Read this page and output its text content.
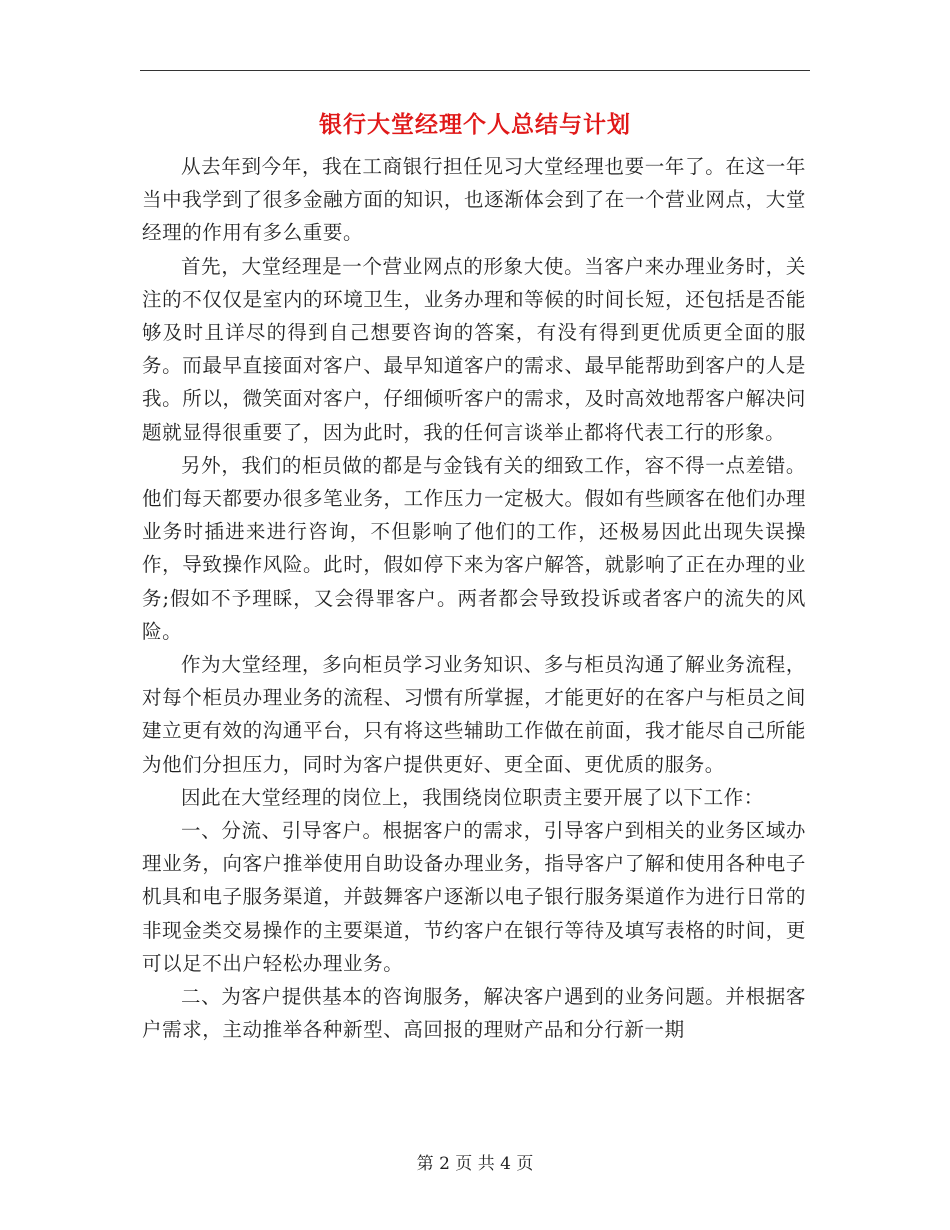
银行大堂经理个人总结与计划

从去年到今年，我在工商银行担任见习大堂经理也要一年了。在这一年当中我学到了很多金融方面的知识，也逐渐体会到了在一个营业网点，大堂经理的作用有多么重要。

首先，大堂经理是一个营业网点的形象大使。当客户来办理业务时，关注的不仅仅是室内的环境卫生，业务办理和等候的时间长短，还包括是否能够及时且详尽的得到自己想要咨询的答案，有没有得到更优质更全面的服务。而最早直接面对客户、最早知道客户的需求、最早能帮助到客户的人是我。所以，微笑面对客户，仔细倾听客户的需求，及时高效地帮客户解决问题就显得很重要了，因为此时，我的任何言谈举止都将代表工行的形象。

另外，我们的柜员做的都是与金钱有关的细致工作，容不得一点差错。他们每天都要办很多笔业务，工作压力一定极大。假如有些顾客在他们办理业务时插进来进行咨询，不但影响了他们的工作，还极易因此出现失误操作，导致操作风险。此时，假如停下来为客户解答，就影响了正在办理的业务;假如不予理睬，又会得罪客户。两者都会导致投诉或者客户的流失的风险。

作为大堂经理，多向柜员学习业务知识、多与柜员沟通了解业务流程，对每个柜员办理业务的流程、习惯有所掌握，才能更好的在客户与柜员之间建立更有效的沟通平台，只有将这些辅助工作做在前面，我才能尽自己所能为他们分担压力，同时为客户提供更好、更全面、更优质的服务。

因此在大堂经理的岗位上，我围绕岗位职责主要开展了以下工作：

一、分流、引导客户。根据客户的需求，引导客户到相关的业务区域办理业务，向客户推举使用自助设备办理业务，指导客户了解和使用各种电子机具和电子服务渠道，并鼓舞客户逐渐以电子银行服务渠道作为进行日常的非现金类交易操作的主要渠道，节约客户在银行等待及填写表格的时间，更可以足不出户轻松办理业务。

二、为客户提供基本的咨询服务，解决客户遇到的业务问题。并根据客户需求，主动推举各种新型、高回报的理财产品和分行新一期

第 2 页 共 4 页
